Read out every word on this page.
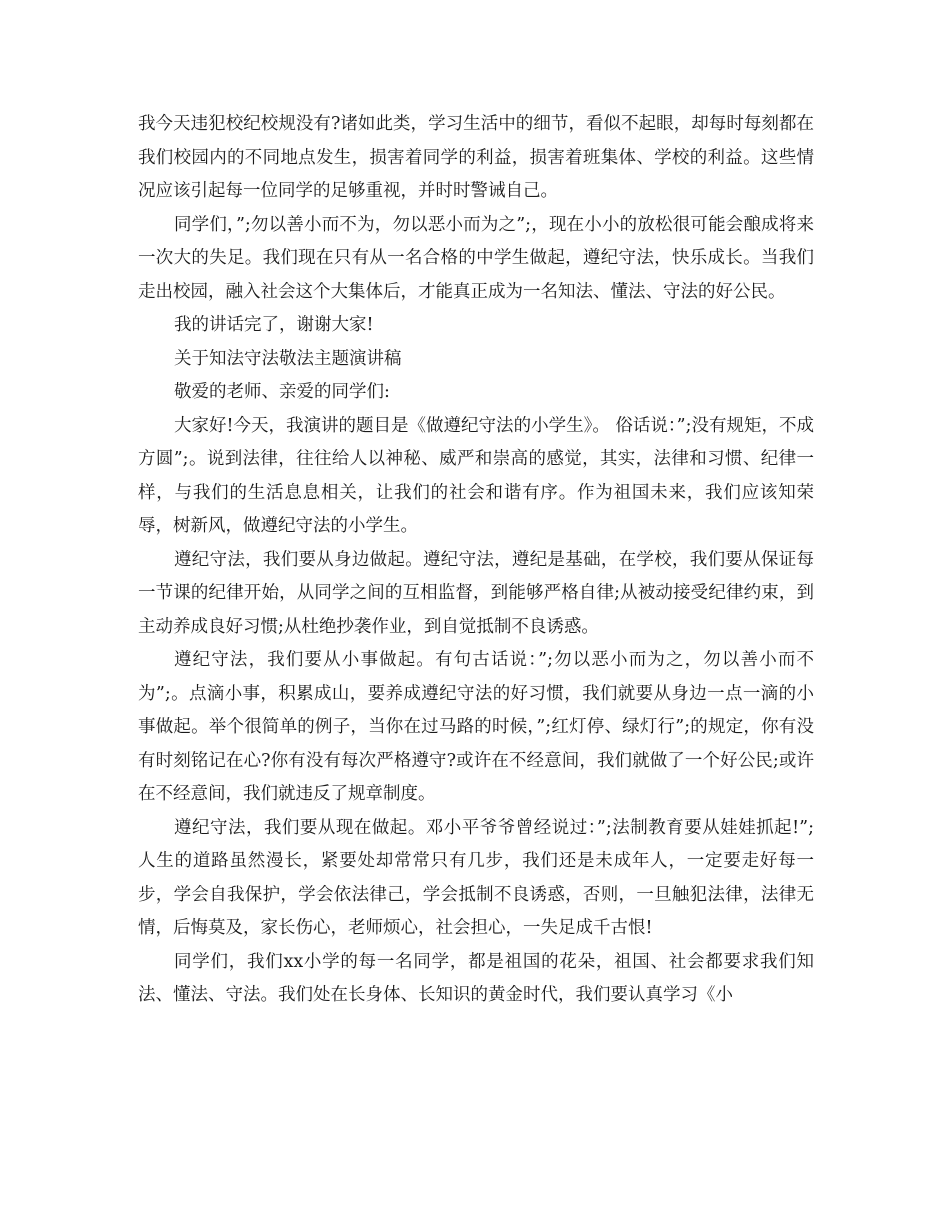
我今天违犯校纪校规没有?诸如此类，学习生活中的细节，看似不起眼，却每时每刻都在我们校园内的不同地点发生，损害着同学的利益，损害着班集体、学校的利益。这些情况应该引起每一位同学的足够重视，并时时警诫自己。

同学们，”;勿以善小而不为，勿以恶小而为之”;，现在小小的放松很可能会酿成将来一次大的失足。我们现在只有从一名合格的中学生做起，遵纪守法，快乐成长。当我们走出校园，融入社会这个大集体后，才能真正成为一名知法、懂法、守法的好公民。

我的讲话完了，谢谢大家!

关于知法守法敬法主题演讲稿

敬爱的老师、亲爱的同学们:

大家好!今天，我演讲的题目是《做遵纪守法的小学生》。 俗话说：”;没有规矩，不成方圆”;。说到法律，往往给人以神秘、威严和崇高的感觉，其实，法律和习惯、纪律一样，与我们的生活息息相关，让我们的社会和谐有序。作为祖国未来，我们应该知荣辱，树新风，做遵纪守法的小学生。

遵纪守法，我们要从身边做起。遵纪守法，遵纪是基础，在学校，我们要从保证每一节课的纪律开始，从同学之间的互相监督，到能够严格自律;从被动接受纪律约束，到主动养成良好习惯;从杜绝抄袭作业，到自觉抵制不良诱惑。

遵纪守法，我们要从小事做起。有句古话说：”;勿以恶小而为之，勿以善小而不为”;。点滴小事，积累成山，要养成遵纪守法的好习惯，我们就要从身边一点一滴的小事做起。举个很简单的例子，当你在过马路的时候，”;红灯停、绿灯行”;的规定，你有没有时刻铭记在心?你有没有每次严格遵守?或许在不经意间，我们就做了一个好公民;或许在不经意间，我们就违反了规章制度。

遵纪守法，我们要从现在做起。邓小平爷爷曾经说过：”;法制教育要从娃娃抓起!”;人生的道路虽然漫长，紧要处却常常只有几步，我们还是未成年人，一定要走好每一步，学会自我保护，学会依法律己，学会抵制不良诱惑，否则，一旦触犯法律，法律无情，后悔莫及，家长伤心，老师烦心，社会担心，一失足成千古恨!

同学们，我们xx小学的每一名同学，都是祖国的花朵，祖国、社会都要求我们知法、懂法、守法。我们处在长身体、长知识的黄金时代，我们要认真学习《小
